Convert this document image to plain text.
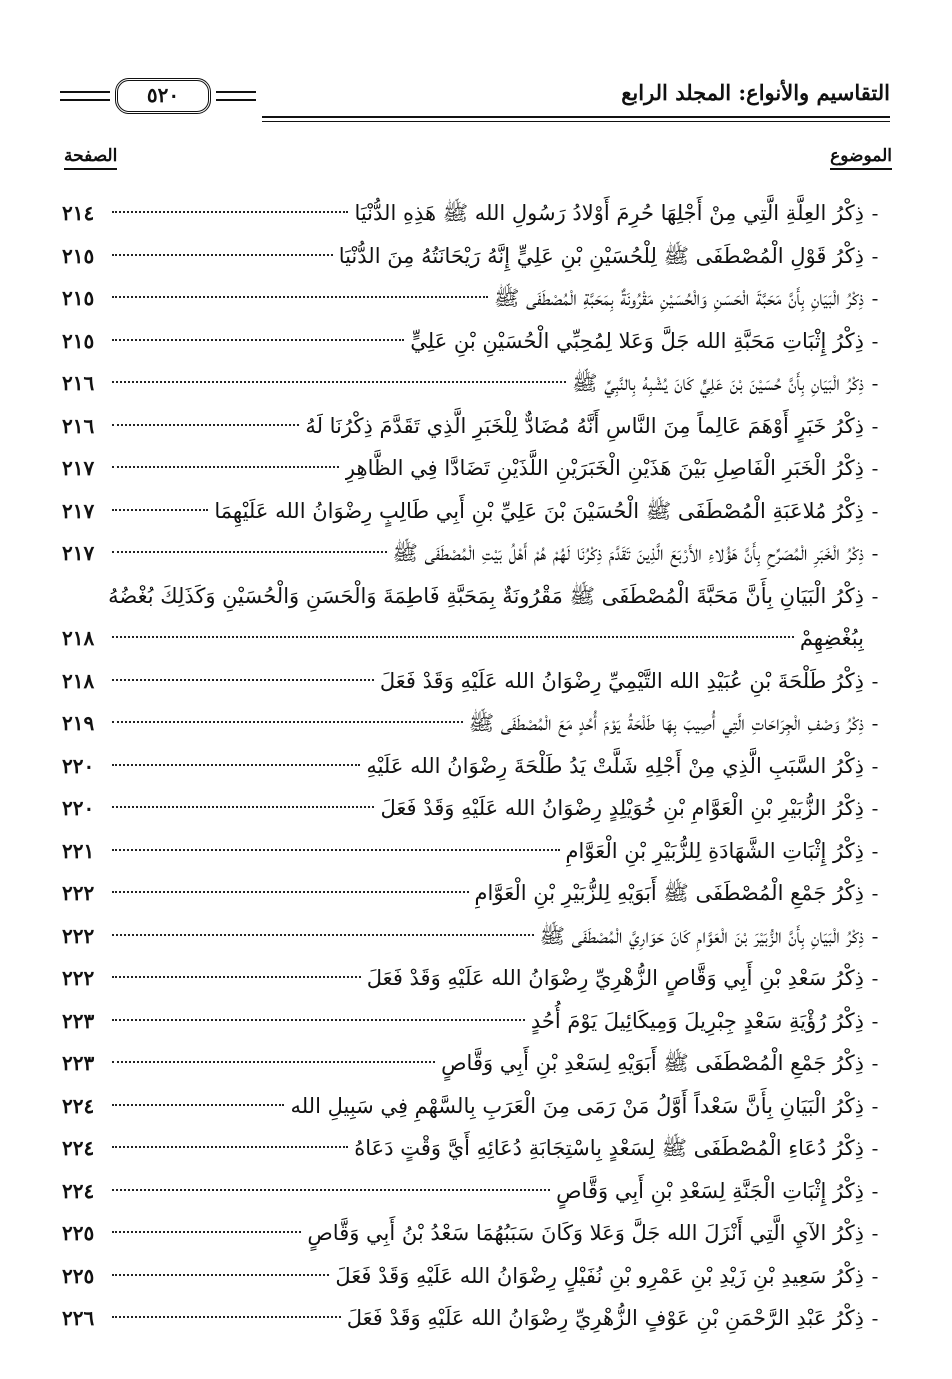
التقاسيم والأنواع: المجلد الرابع
٥٢٠
الموضوع
الصفحة
-
ذِكْرُ العِلَّةِ الَّتِي مِنْ أَجْلِهَا حُرِمَ أَوْلادُ رَسُولِ الله ﷺ هَذِهِ الدُّنْيَا
٢١٤
-
ذِكْرُ قَوْلِ الْمُصْطَفَى ﷺ لِلْحُسَيْنِ بْنِ عَلِيٍّ إِنَّهُ رَيْحَانَتُهُ مِنَ الدُّنْيَا
٢١٥
-
ذِكْرُ الْبَيَانِ بِأَنَّ مَحَبَّةَ الْحَسَنِ وَالْحُسَيْنِ مَقْرُونَةٌ بِمَحَبَّةِ الْمُصْطَفَى ﷺ
٢١٥
-
ذِكْرُ إِثْبَاتِ مَحَبَّةِ الله جَلَّ وَعَلا لِمُحِبِّي الْحُسَيْنِ بْنِ عَلِيٍّ
٢١٥
-
ذِكْرُ الْبَيَانِ بِأَنَّ حُسَيْنَ بْنَ عَلِيٍّ كَانَ يُشْبِهُ بِالنَّبِيِّ ﷺ
٢١٦
-
ذِكْرُ خَبَرٍ أَوْهَمَ عَالِماً مِنَ النَّاسِ أَنَّهُ مُضَادٌّ لِلْخَبَرِ الَّذِي تَقَدَّمَ ذِكْرُنَا لَهُ
٢١٦
-
ذِكْرُ الْخَبَرِ الْفَاصِلِ بَيْنَ هَذَيْنِ الْخَبَرَيْنِ اللَّذَيْنِ تَضَادَّا فِي الظَّاهِرِ
٢١٧
-
ذِكْرُ مُلاعَبَةِ الْمُصْطَفَى ﷺ الْحُسَيْنَ بْنَ عَلِيِّ بْنِ أَبِي طَالِبٍ رِضْوَانُ الله عَلَيْهِمَا
٢١٧
-
ذِكْرُ الْخَبَرِ الْمُصَرِّحِ بِأَنَّ هَؤُلاءِ الأَرْبَعَ الَّذِينَ تَقَدَّمَ ذِكْرُنَا لَهُمْ هُمْ أَهْلُ بَيْتِ الْمُصْطَفَى ﷺ
٢١٧
-
ذِكْرُ الْبَيَانِ بِأَنَّ مَحَبَّةَ الْمُصْطَفَى ﷺ مَقْرُونَةٌ بِمَحَبَّةِ فَاطِمَةَ وَالْحَسَنِ وَالْحُسَيْنِ وَكَذَلِكَ بُغْضُهُ
بِبُغْضِهِمْ
٢١٨
-
ذِكْرُ طَلْحَةَ بْنِ عُبَيْدِ الله التَّيْمِيِّ رِضْوَانُ الله عَلَيْهِ وَقَدْ فَعَلَ
٢١٨
-
ذِكْرُ وَصْفِ الْجِرَاحَاتِ الَّتِي أُصِيبَ بِهَا طَلْحَةُ يَوْمَ أُحُدٍ مَعَ الْمُصْطَفَى ﷺ
٢١٩
-
ذِكْرُ السَّبَبِ الَّذِي مِنْ أَجْلِهِ شَلَّتْ يَدُ طَلْحَةَ رِضْوَانُ الله عَلَيْهِ
٢٢٠
-
ذِكْرُ الزُّبَيْرِ بْنِ الْعَوَّامِ بْنِ خُوَيْلِدٍ رِضْوَانُ الله عَلَيْهِ وَقَدْ فَعَلَ
٢٢٠
-
ذِكْرُ إِثْبَاتِ الشَّهَادَةِ لِلزُّبَيْرِ بْنِ الْعَوَّامِ
٢٢١
-
ذِكْرُ جَمْعِ الْمُصْطَفَى ﷺ أَبَوَيْهِ لِلزُّبَيْرِ بْنِ الْعَوَّامِ
٢٢٢
-
ذِكْرُ الْبَيَانِ بِأَنَّ الزُّبَيْرَ بْنَ الْعَوَّامِ كَانَ حَوَارِيَّ الْمُصْطَفَى ﷺ
٢٢٢
-
ذِكْرُ سَعْدِ بْنِ أَبِي وَقَّاصٍ الزُّهْرِيِّ رِضْوَانُ الله عَلَيْهِ وَقَدْ فَعَلَ
٢٢٢
-
ذِكْرُ رُؤْيَةِ سَعْدٍ جِبْرِيلَ وَمِيكَائِيلَ يَوْمَ أُحُدٍ
٢٢٣
-
ذِكْرُ جَمْعِ الْمُصْطَفَى ﷺ أَبَوَيْهِ لِسَعْدِ بْنِ أَبِي وَقَّاصٍ
٢٢٣
-
ذِكْرُ الْبَيَانِ بِأَنَّ سَعْداً أَوَّلُ مَنْ رَمَى مِنَ الْعَرَبِ بِالسَّهْمِ فِي سَبِيلِ الله
٢٢٤
-
ذِكْرُ دُعَاءِ الْمُصْطَفَى ﷺ لِسَعْدٍ بِاسْتِجَابَةِ دُعَائِهِ أَيَّ وَقْتٍ دَعَاهُ
٢٢٤
-
ذِكْرُ إِثْبَاتِ الْجَنَّةِ لِسَعْدِ بْنِ أَبِي وَقَّاصٍ
٢٢٤
-
ذِكْرُ الآيِ الَّتِي أَنْزَلَ الله جَلَّ وَعَلا وَكَانَ سَبَبُهُمَا سَعْدُ بْنُ أَبِي وَقَّاصٍ
٢٢٥
-
ذِكْرُ سَعِيدِ بْنِ زَيْدِ بْنِ عَمْرِو بْنِ نُفَيْلٍ رِضْوَانُ الله عَلَيْهِ وَقَدْ فَعَلَ
٢٢٥
-
ذِكْرُ عَبْدِ الرَّحْمَنِ بْنِ عَوْفٍ الزُّهْرِيِّ رِضْوَانُ الله عَلَيْهِ وَقَدْ فَعَلَ
٢٢٦
